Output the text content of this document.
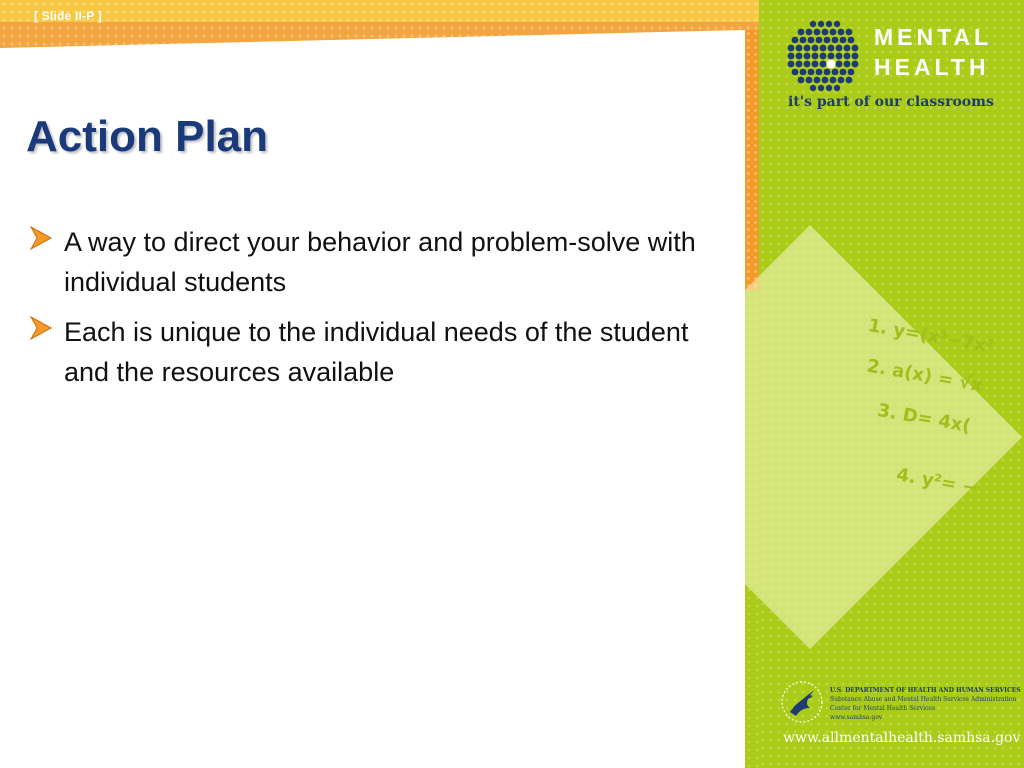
[ Slide II-P ]
1. y=(x³−7x²
2. a(x) = √x
3. D= 4x(
4. y²= −
MENTAL
HEALTH
it's part of our classrooms
Action Plan
A way to direct your behavior and problem-solve with individual students
Each is unique to the individual needs of the student and the resources available
U.S. DEPARTMENT OF HEALTH AND HUMAN SERVICES
Substance Abuse and Mental Health Services Administration
Center for Mental Health Services
www.samhsa.gov
www.allmentalhealth.samhsa.gov
